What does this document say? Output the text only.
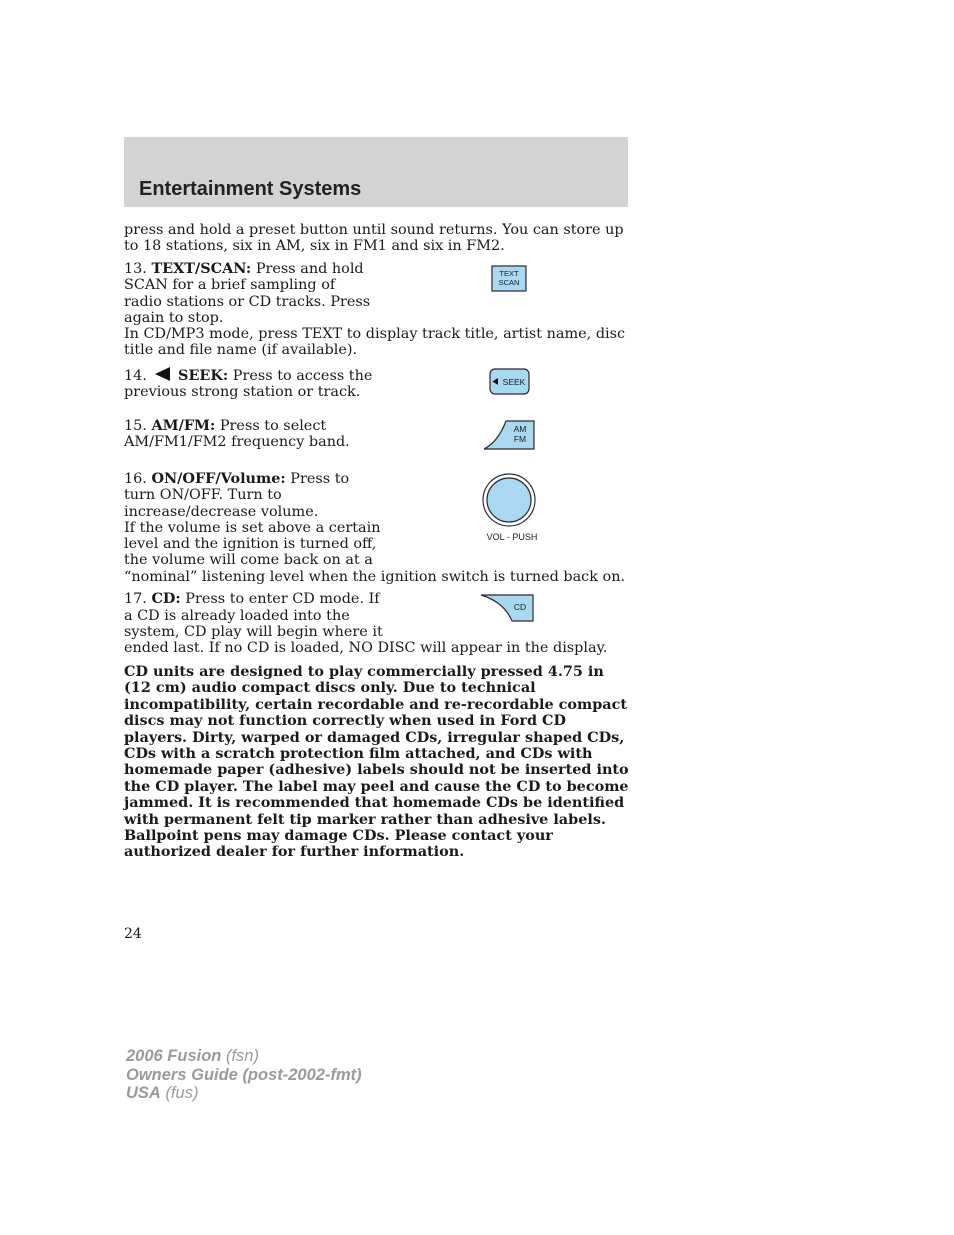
Entertainment Systems

press and hold a preset button until sound returns. You can store up to 18 stations, six in AM, six in FM1 and six in FM2.

13. TEXT/SCAN: Press and hold SCAN for a brief sampling of radio stations or CD tracks. Press again to stop.

In CD/MP3 mode, press TEXT to display track title, artist name, disc title and file name (if available).

TEXT
SCAN

14. SEEK: Press to access the previous strong station or track.

SEEK

15. AM/FM: Press to select AM/FM1/FM2 frequency band.

AM
FM

16. ON/OFF/Volume: Press to turn ON/OFF. Turn to increase/decrease volume.

If the volume is set above a certain

level and the ignition is turned off,

the volume will come back on at a

“nominal” listening level when the ignition switch is turned back on.

VOL - PUSH

17. CD: Press to enter CD mode. If

a CD is already loaded into the

system, CD play will begin where it

ended last. If no CD is loaded, NO DISC will appear in the display.

CD

CD units are designed to play commercially pressed 4.75 in (12 cm) audio compact discs only. Due to technical incompatibility, certain recordable and re-recordable compact discs may not function correctly when used in Ford CD players. Dirty, warped or damaged CDs, irregular shaped CDs, CDs with a scratch protection film attached, and CDs with homemade paper (adhesive) labels should not be inserted into the CD player. The label may peel and cause the CD to become jammed. It is recommended that homemade CDs be identified with permanent felt tip marker rather than adhesive labels. Ballpoint pens may damage CDs. Please contact your authorized dealer for further information.

24
2006 Fusion (fsn)
Owners Guide (post-2002-fmt)
USA (fus)
